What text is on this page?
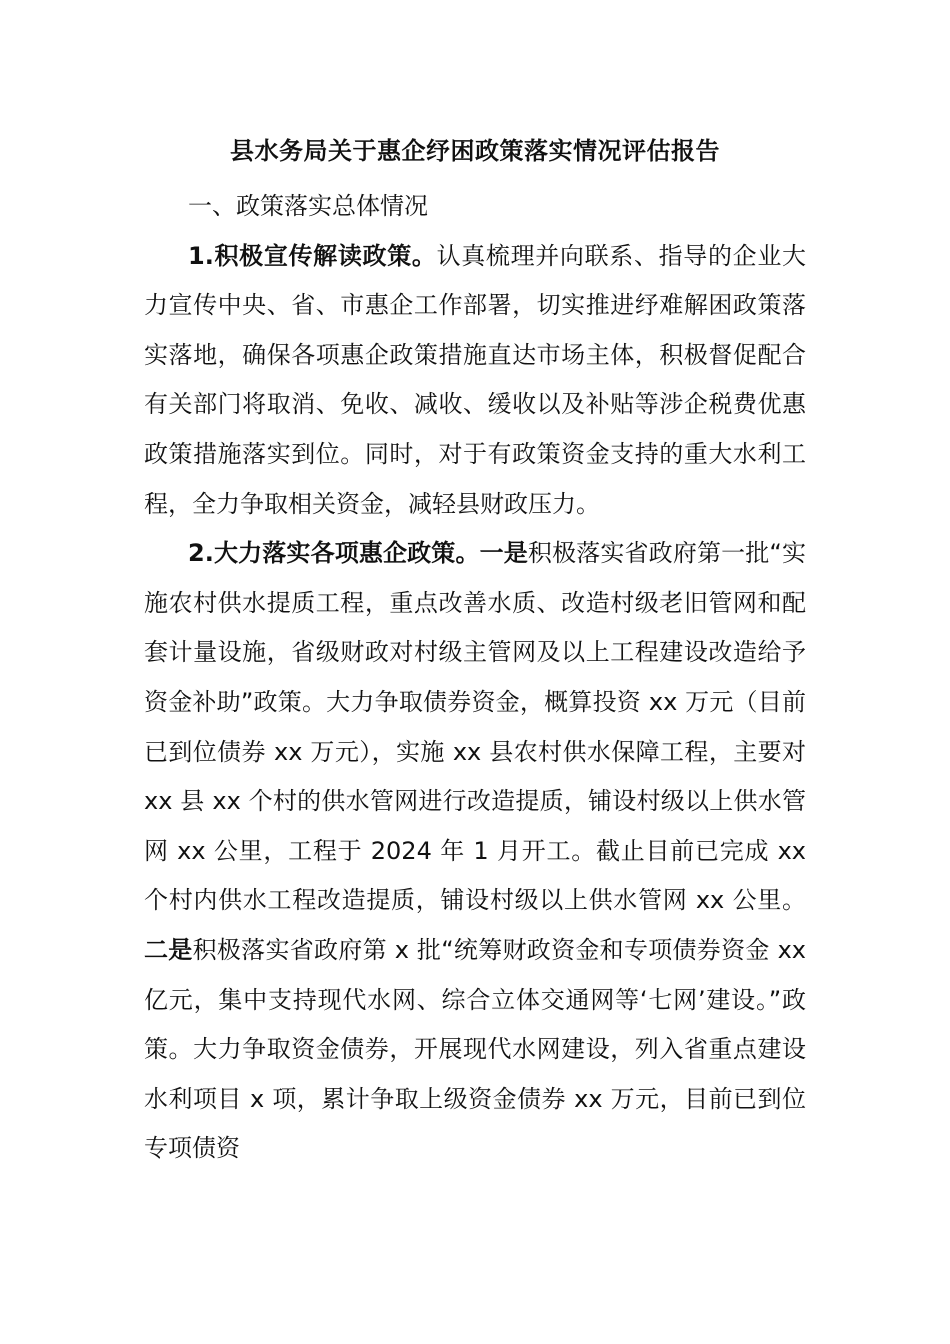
县水务局关于惠企纾困政策落实情况评估报告

一、政策落实总体情况

1.积极宣传解读政策。认真梳理并向联系、指导的企业大力宣传中央、省、市惠企工作部署，切实推进纾难解困政策落实落地，确保各项惠企政策措施直达市场主体，积极督促配合有关部门将取消、免收、减收、缓收以及补贴等涉企税费优惠政策措施落实到位。同时，对于有政策资金支持的重大水利工程，全力争取相关资金，减轻县财政压力。

2.大力落实各项惠企政策。一是积极落实省政府第一批“实施农村供水提质工程，重点改善水质、改造村级老旧管网和配套计量设施，省级财政对村级主管网及以上工程建设改造给予资金补助”政策。大力争取债券资金，概算投资 xx 万元（目前已到位债券 xx 万元），实施 xx 县农村供水保障工程，主要对 xx 县 xx 个村的供水管网进行改造提质，铺设村级以上供水管网 xx 公里，工程于 2024 年 1 月开工。截止目前已完成 xx 个村内供水工程改造提质，铺设村级以上供水管网 xx 公里。二是积极落实省政府第 x 批“统筹财政资金和专项债券资金 xx 亿元，集中支持现代水网、综合立体交通网等‘七网’建设。”政策。大力争取资金债券，开展现代水网建设，列入省重点建设水利项目 x 项，累计争取上级资金债券 xx 万元，目前已到位专项债资
